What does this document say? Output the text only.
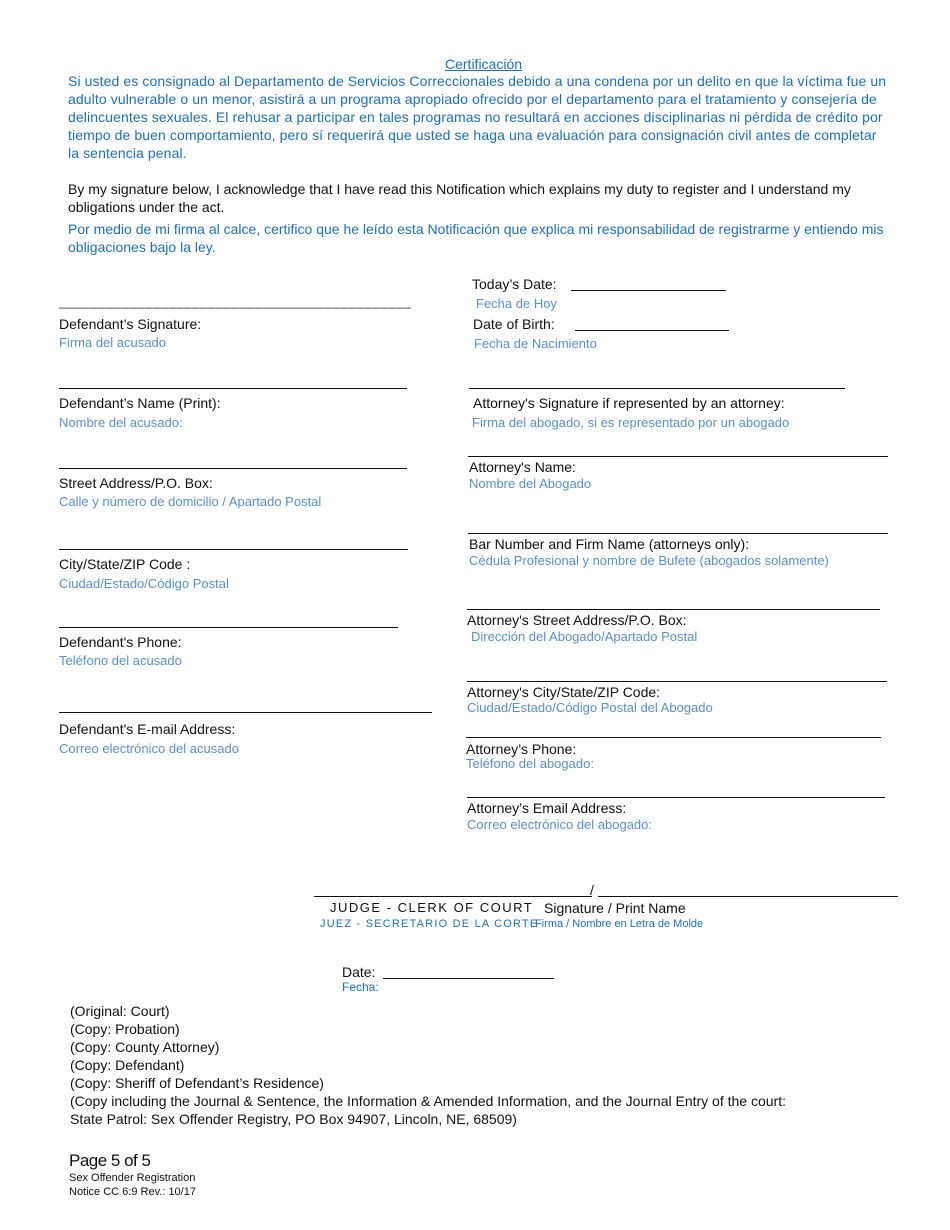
Certificación
Si usted es consignado al Departamento de Servicios Correccionales debido a una condena por un delito en que la víctima fue un adulto vulnerable o un menor, asistirá a un programa apropiado ofrecido por el departamento para el tratamiento y consejería de delincuentes sexuales. El rehusar a participar en tales programas no resultará en acciones disciplinarias ni pérdida de crédito por tiempo de buen comportamiento, pero sí requerirá que usted se haga una evaluación para consignación civil antes de completar la sentencia penal.
By my signature below, I acknowledge that I have read this Notification which explains my duty to register and I understand my obligations under the act.
Por medio de mi firma al calce, certifico que he leído esta Notificación que explica mi responsabilidad de registrarme y entiendo mis obligaciones bajo la ley.
_____________________________________________
Defendant’s Signature:
Firma del acusado
Defendant’s Name (Print):
Nombre del acusado:
Street Address/P.O. Box:
Calle y número de domicilio / Apartado Postal
City/State/ZIP Code :
Ciudad/Estado/Código Postal
Defendant's Phone:
Teléfono del acusado
Defendant's E-mail Address:
Correo electrónico del acusado
Today’s Date:
Fecha de Hoy
Date of Birth:
Fecha de Nacimiento
Attorney's Signature if represented by an attorney:
Firma del abogado, si es representado por un abogado
Attorney's Name:
Nombre del Abogado
Bar Number and Firm Name (attorneys only):
Cédula Profesional y nombre de Bufete (abogados solamente)
Attorney's Street Address/P.O. Box:
Dirección del Abogado/Apartado Postal
Attorney's City/State/ZIP Code:
Ciudad/Estado/Código Postal del Abogado
Attorney’s Phone:
Teléfono del abogado:
Attorney’s Email Address:
Correo electrónico del abogado:
/
JUDGE - CLERK OF COURT Signature / Print Name
JUEZ - SECRETARIO DE LA CORTE
Firma / Nombre en Letra de Molde
Date:
Fecha:
(Original: Court)
(Copy: Probation)
(Copy: County Attorney)
(Copy: Defendant)
(Copy: Sheriff of Defendant’s Residence)
(Copy including the Journal & Sentence, the Information & Amended Information, and the Journal Entry of the court:
State Patrol: Sex Offender Registry, PO Box 94907, Lincoln, NE, 68509)
Page 5 of 5
Sex Offender Registration
Notice CC 6:9 Rev.: 10/17
